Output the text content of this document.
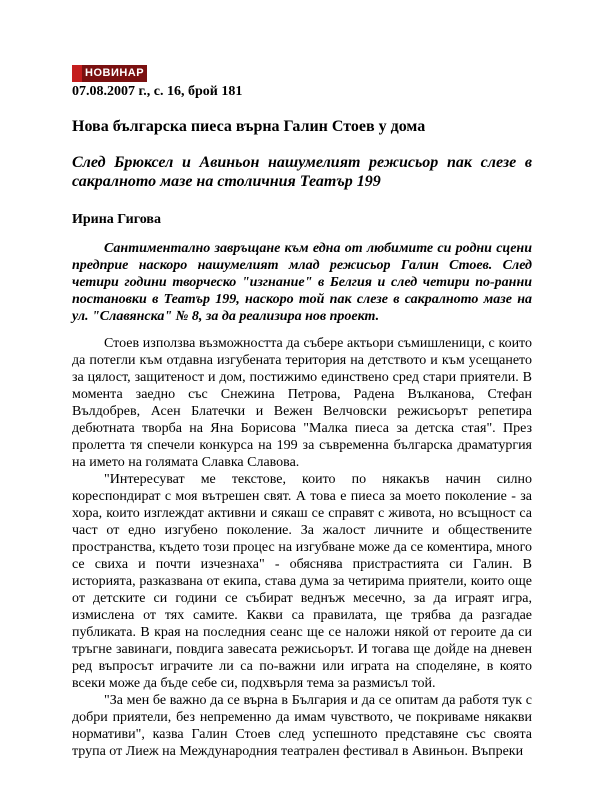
НОВИНАР
07.08.2007 г., с. 16, брой 181
Нова българска пиеса върна Галин Стоев у дома
След Брюксел и Авиньон нашумелият режисьор пак слезе в сакралното мазе на столичния Театър 199
Ирина Гигова

Сантиментално завръщане към една от любимите си родни сцени предприе наскоро нашумелият млад режисьор Галин Стоев. След четири години творческо "изгнание" в Белгия и след четири по-ранни постановки в Театър 199, наскоро той пак слезе в сакралното мазе на ул. "Славянска" № 8, за да реализира нов проект.

Стоев използва възможността да събере актьори съмишленици, с които да потегли към отдавна изгубената територия на детството и към усещането за цялост, защитеност и дом, постижимо единствено сред стари приятели. В момента заедно със Снежина Петрова, Радена Вълканова, Стефан Вълдобрев, Асен Блатечки и Вежен Велчовски режисьорът репетира дебютната творба на Яна Борисова "Малка пиеса за детска стая". През пролетта тя спечели конкурса на 199 за съвременна българска драматургия на името на голямата Славка Славова.

"Интересуват ме текстове, които по някакъв начин силно кореспондират с моя вътрешен свят. А това е пиеса за моето поколение - за хора, които изглеждат активни и сякаш се справят с живота, но всъщност са част от едно изгубено поколение. За жалост личните и обществените пространства, където този процес на изгубване може да се коментира, много се свиха и почти изчезнаха" - обяснява пристрастията си Галин. В историята, разказвана от екипа, става дума за четирима приятели, които още от детските си години се събират веднъж месечно, за да играят игра, измислена от тях самите. Какви са правилата, ще трябва да разгадае публиката. В края на последния сеанс ще се наложи някой от героите да си тръгне завинаги, повдига завесата режисьорът. И тогава ще дойде на дневен ред въпросът играчите ли са по-важни или играта на споделяне, в която всеки може да бъде себе си, подхвърля тема за размисъл той.

"За мен бе важно да се върна в България и да се опитам да работя тук с добри приятели, без непременно да имам чувството, че покриваме някакви нормативи", казва Галин Стоев след успешното представяне със своята трупа от Лиеж на Международния театрален фестивал в Авиньон. Въпреки
